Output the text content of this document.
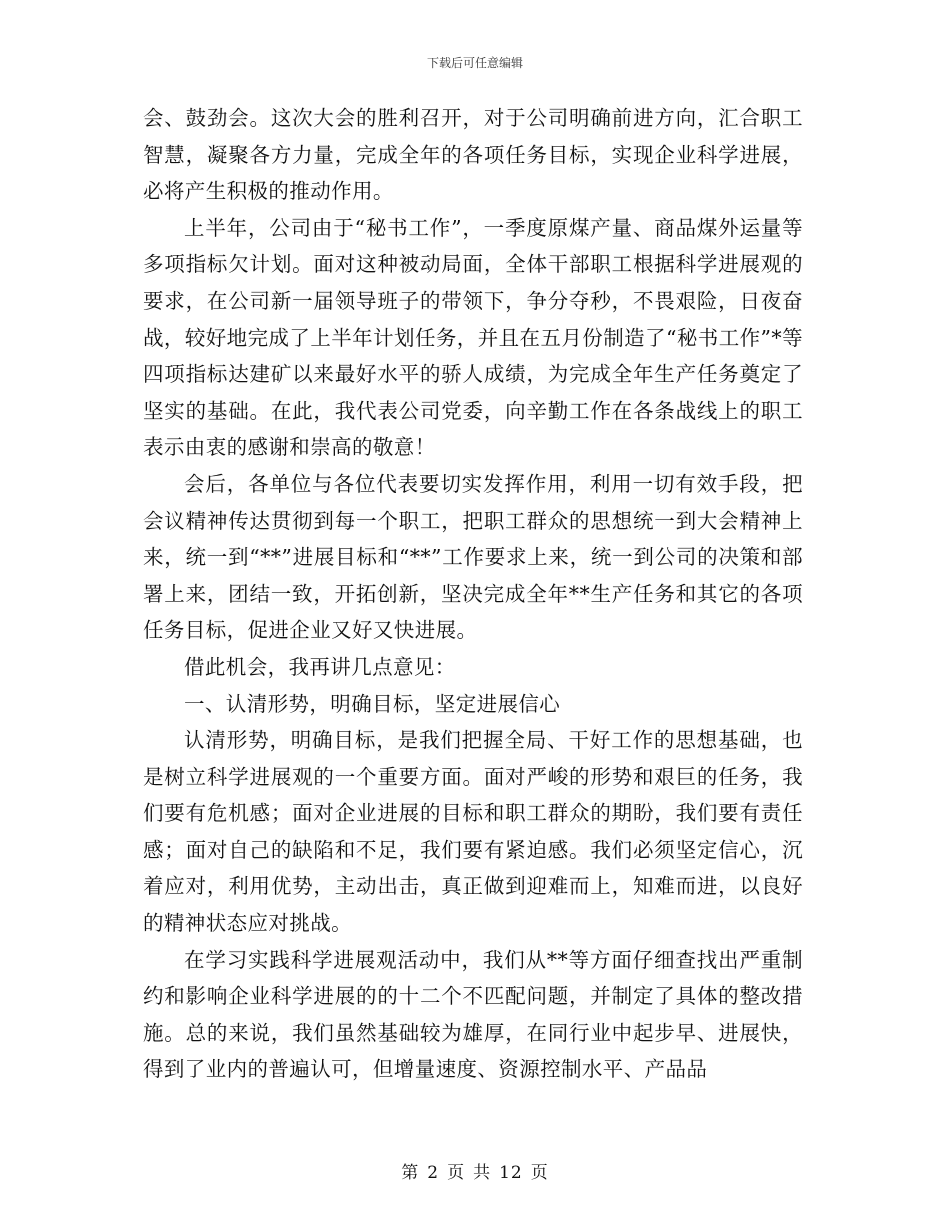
下载后可任意编辑

会、鼓劲会。这次大会的胜利召开，对于公司明确前进方向，汇合职工智慧，凝聚各方力量，完成全年的各项任务目标，实现企业科学进展，必将产生积极的推动作用。

上半年，公司由于“秘书工作”，一季度原煤产量、商品煤外运量等多项指标欠计划。面对这种被动局面，全体干部职工根据科学进展观的要求，在公司新一届领导班子的带领下，争分夺秒，不畏艰险，日夜奋战，较好地完成了上半年计划任务，并且在五月份制造了“秘书工作”*等四项指标达建矿以来最好水平的骄人成绩，为完成全年生产任务奠定了坚实的基础。在此，我代表公司党委，向辛勤工作在各条战线上的职工表示由衷的感谢和崇高的敬意！

会后，各单位与各位代表要切实发挥作用，利用一切有效手段，把会议精神传达贯彻到每一个职工，把职工群众的思想统一到大会精神上来，统一到“**”进展目标和“**”工作要求上来，统一到公司的决策和部署上来，团结一致，开拓创新，坚决完成全年**生产任务和其它的各项任务目标，促进企业又好又快进展。

借此机会，我再讲几点意见：

一、认清形势，明确目标，坚定进展信心

认清形势，明确目标，是我们把握全局、干好工作的思想基础，也是树立科学进展观的一个重要方面。面对严峻的形势和艰巨的任务，我们要有危机感；面对企业进展的目标和职工群众的期盼，我们要有责任感；面对自己的缺陷和不足，我们要有紧迫感。我们必须坚定信心，沉着应对，利用优势，主动出击，真正做到迎难而上，知难而进，以良好的精神状态应对挑战。

在学习实践科学进展观活动中，我们从**等方面仔细查找出严重制约和影响企业科学进展的的十二个不匹配问题，并制定了具体的整改措施。总的来说，我们虽然基础较为雄厚，在同行业中起步早、进展快，得到了业内的普遍认可，但增量速度、资源控制水平、产品品

第 2 页 共 12 页
